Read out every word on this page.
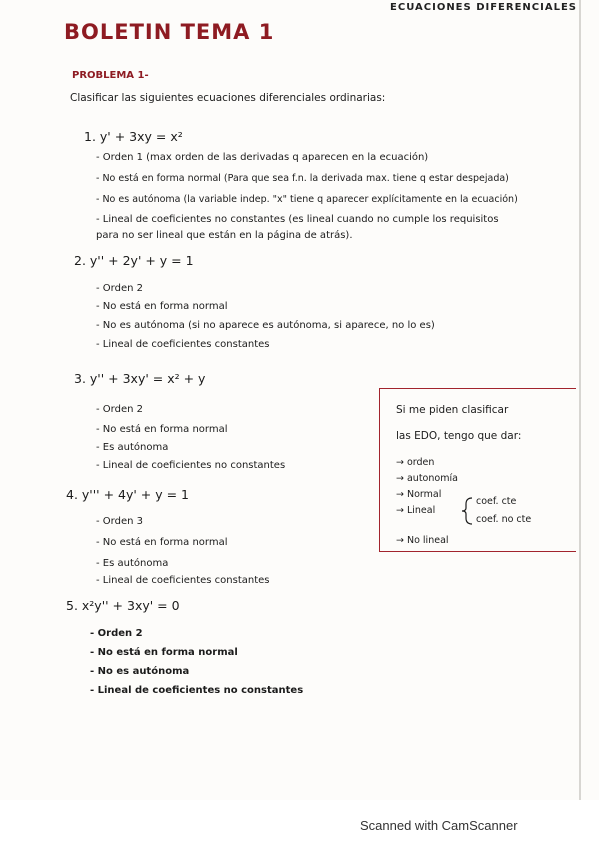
ECUACIONES DIFERENCIALES
BOLETIN TEMA 1
PROBLEMA 1-
Clasificar las siguientes ecuaciones diferenciales ordinarias:
1. y' + 3xy = x²
- Orden 1 (max orden de las derivadas q aparecen en la ecuación)
- No está en forma normal (Para que sea f.n. la derivada max. tiene q estar despejada)
- No es autónoma (la variable indep. "x" tiene q aparecer explícitamente en la ecuación)
- Lineal de coeficientes no constantes (es lineal cuando no cumple los requisitos
para no ser lineal que están en la página de atrás).
2. y'' + 2y' + y = 1
- Orden 2
- No está en forma normal
- No es autónoma (si no aparece es autónoma, si aparece, no lo es)
- Lineal de coeficientes constantes
3. y'' + 3xy' = x² + y
- Orden 2
- No está en forma normal
- Es autónoma
- Lineal de coeficientes no constantes
4. y''' + 4y' + y = 1
- Orden 3
- No está en forma normal
- Es autónoma
- Lineal de coeficientes constantes
5. x²y'' + 3xy' = 0
- Orden 2
- No está en forma normal
- No es autónoma
- Lineal de coeficientes no constantes
Si me piden clasificar
las EDO, tengo que dar:
→ orden
→ autonomía
→ Normal
→ Lineal
coef. cte
coef. no cte
→ No lineal
Scanned with CamScanner
